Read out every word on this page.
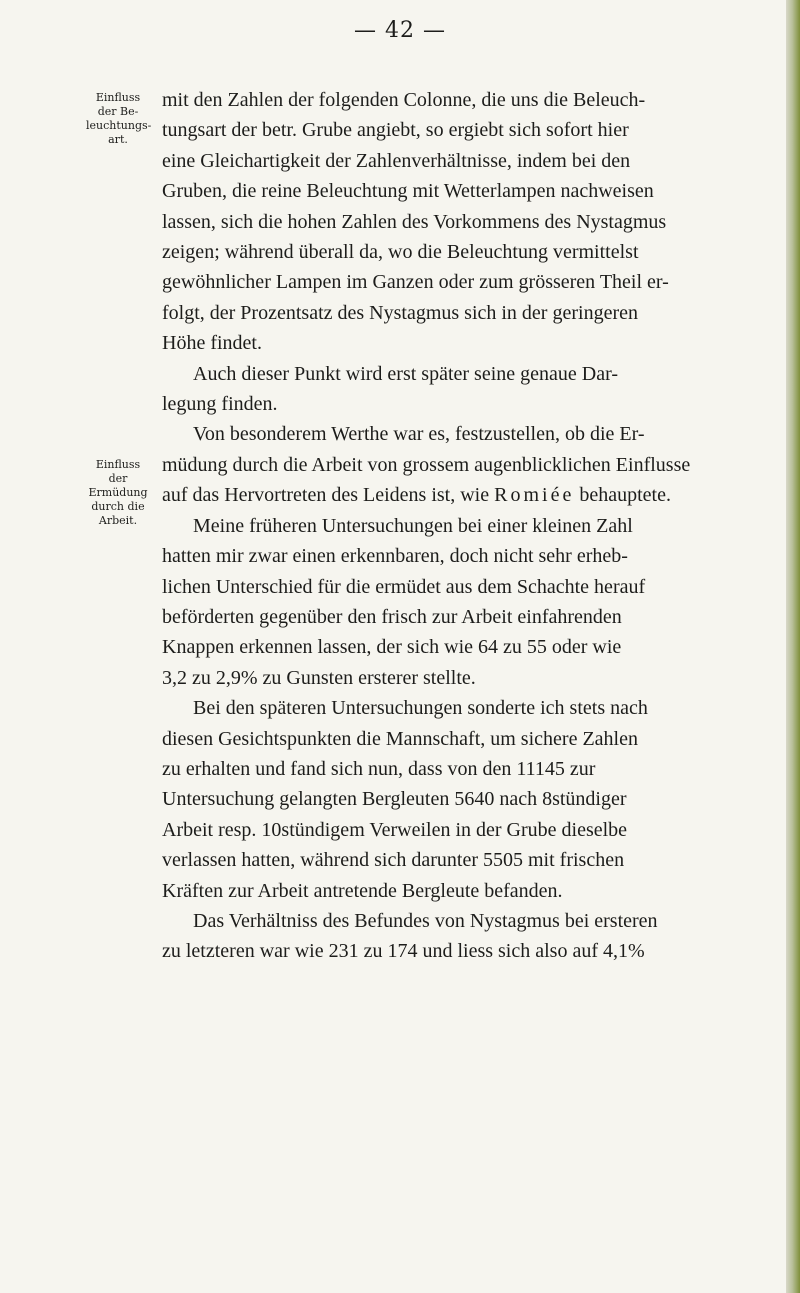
— 42 —
Einfluss der Beleuchtungsart.
Einfluss der Ermüdung durch die Arbeit.

mit den Zahlen der folgenden Colonne, die uns die Beleuch-
tungsart der betr. Grube angiebt, so ergiebt sich sofort hier
eine Gleichartigkeit der Zahlenverhältnisse, indem bei den
Gruben, die reine Beleuchtung mit Wetterlampen nachweisen
lassen, sich die hohen Zahlen des Vorkommens des Nystagmus
zeigen; während überall da, wo die Beleuchtung vermittelst
gewöhnlicher Lampen im Ganzen oder zum grösseren Theil er-
folgt, der Prozentsatz des Nystagmus sich in der geringeren
Höhe findet.

Auch dieser Punkt wird erst später seine genaue Dar-
legung finden.

Von besonderem Werthe war es, festzustellen, ob die Er-
müdung durch die Arbeit von grossem augenblicklichen Einflusse
auf das Hervortreten des Leidens ist, wie Romiée behauptete.
Meine früheren Untersuchungen bei einer kleinen Zahl
hatten mir zwar einen erkennbaren, doch nicht sehr erheb-
lichen Unterschied für die ermüdet aus dem Schachte herauf
beförderten gegenüber den frisch zur Arbeit einfahrenden
Knappen erkennen lassen, der sich wie 64 zu 55 oder wie
3,2 zu 2,9% zu Gunsten ersterer stellte.

Bei den späteren Untersuchungen sonderte ich stets nach
diesen Gesichtspunkten die Mannschaft, um sichere Zahlen
zu erhalten und fand sich nun, dass von den 11145 zur
Untersuchung gelangten Bergleuten 5640 nach 8stündiger
Arbeit resp. 10stündigem Verweilen in der Grube dieselbe
verlassen hatten, während sich darunter 5505 mit frischen
Kräften zur Arbeit antretende Bergleute befanden.

Das Verhältniss des Befundes von Nystagmus bei ersteren
zu letzteren war wie 231 zu 174 und liess sich also auf 4,1%
